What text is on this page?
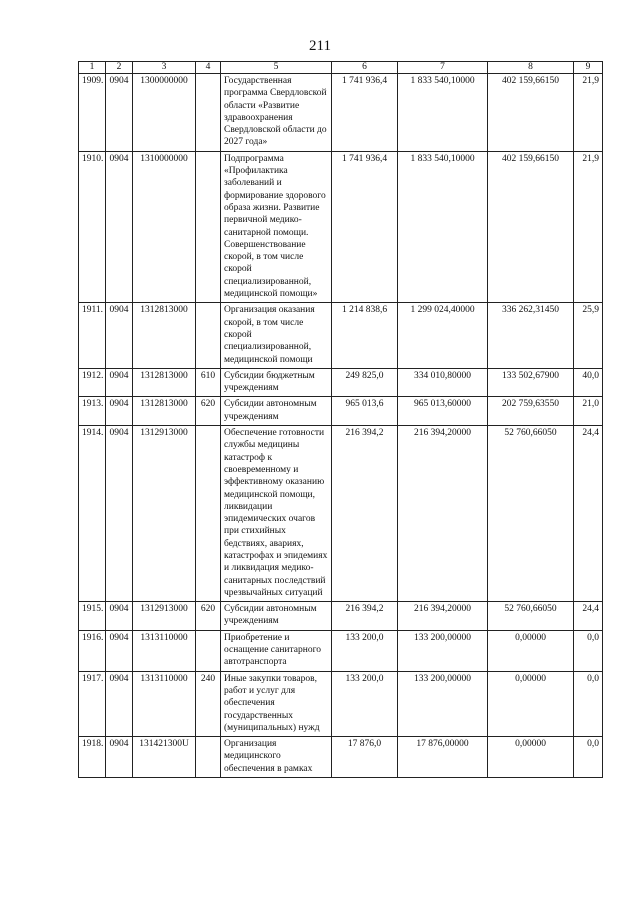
211
1	2	3	4	5	6	7	8	9
1909.	0904	1300000000		Государственная программа Свердловской области «Развитие здравоохранения Свердловской области до 2027 года»	1 741 936,4	1 833 540,10000	402 159,66150	21,9
1910.	0904	1310000000		Подпрограмма «Профилактика заболеваний и формирование здорового образа жизни. Развитие первичной медико-санитарной помощи. Совершенствование скорой, в том числе скорой специализированной, медицинской помощи»	1 741 936,4	1 833 540,10000	402 159,66150	21,9
1911.	0904	1312813000		Организация оказания скорой, в том числе скорой специализированной, медицинской помощи	1 214 838,6	1 299 024,40000	336 262,31450	25,9
1912.	0904	1312813000	610	Субсидии бюджетным учреждениям	249 825,0	334 010,80000	133 502,67900	40,0
1913.	0904	1312813000	620	Субсидии автономным учреждениям	965 013,6	965 013,60000	202 759,63550	21,0
1914.	0904	1312913000		Обеспечение готовности службы медицины катастроф к своевременному и эффективному оказанию медицинской помощи, ликвидации эпидемических очагов при стихийных бедствиях, авариях, катастрофах и эпидемиях и ликвидация медико-санитарных последствий чрезвычайных ситуаций	216 394,2	216 394,20000	52 760,66050	24,4
1915.	0904	1312913000	620	Субсидии автономным учреждениям	216 394,2	216 394,20000	52 760,66050	24,4
1916.	0904	1313110000		Приобретение и оснащение санитарного автотранспорта	133 200,0	133 200,00000	0,00000	0,0
1917.	0904	1313110000	240	Иные закупки товаров, работ и услуг для обеспечения государственных (муниципальных) нужд	133 200,0	133 200,00000	0,00000	0,0
1918.	0904	131421300U		Организация медицинского обеспечения в рамках	17 876,0	17 876,00000	0,00000	0,0
